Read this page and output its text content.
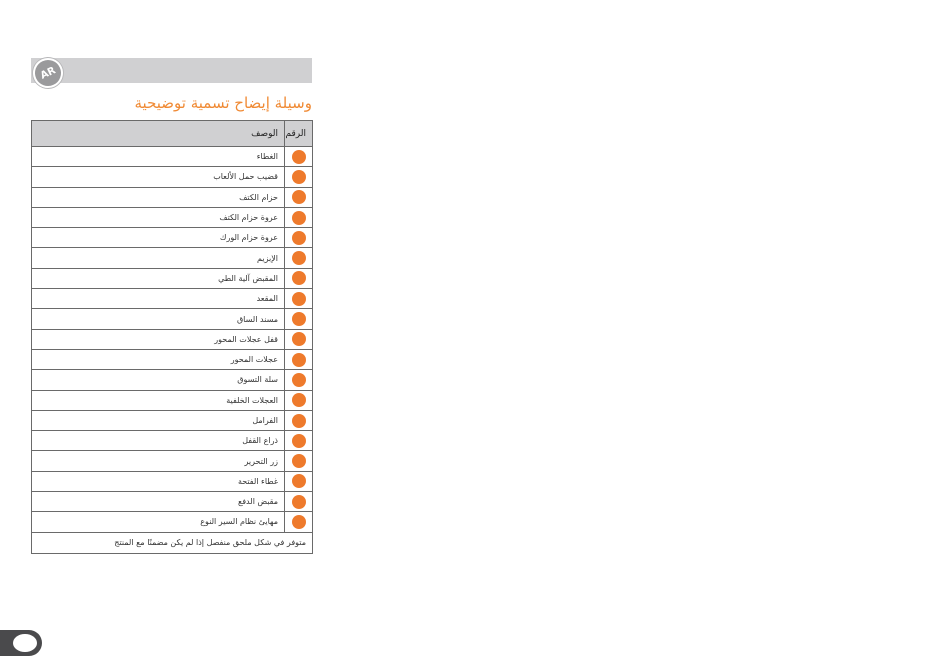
AR
وسيلة إيضاح تسمية توضيحية
الرقم	الوصف
	الغطاء
	قضيب حمل الألعاب
	حزام الكتف
	عروة حزام الكتف
	عروة حزام الورك
	الإبزيم
	المقبض آلية الطي
	المقعد
	مسند الساق
	قفل عجلات المحور
	عجلات المحور
	سلة التسوق
	العجلات الخلفية
	الفرامل
	ذراع القفل
	زر التحرير
	غطاء الفتحة
	مقبض الدفع
	مهايئ نظام السير النوع
متوفر في شكل ملحق منفصل إذا لم يكن مضمنًا مع المنتج	
